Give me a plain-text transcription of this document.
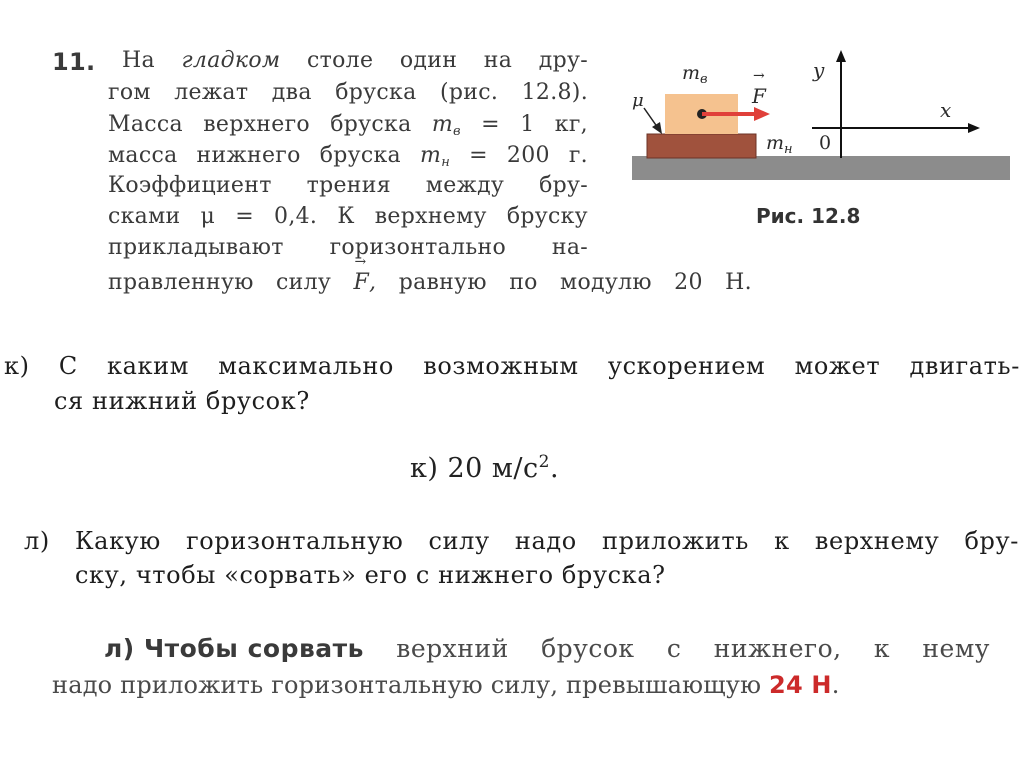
11. На гладком столе один на дру-
гом лежат два бруска (рис. 12.8).
Масса верхнего бруска $m_в = 1$ кг,
масса нижнего бруска $m_н = 200$ г.
Коэффициент трения между бру-
сками μ = 0,4. К верхнему бруску
прикладывают горизонтально на-
правленную силу → F, равную по модулю 20 Н.
$m_в$
$m_н$
μ	→ F
y
x
0
Рис. 12.8
к) С каким максимально возможным ускорением может двигать-
ся нижний брусок?
к) 20 $м/с^2$.
л) Какую горизонтальную силу надо приложить к верхнему бру-
ску, чтобы «сорвать» его с нижнего бруска?
л) Чтобы сорвать верхний брусок с нижнего, к нему
надо приложить горизонтальную силу, превышающую 24 Н.
